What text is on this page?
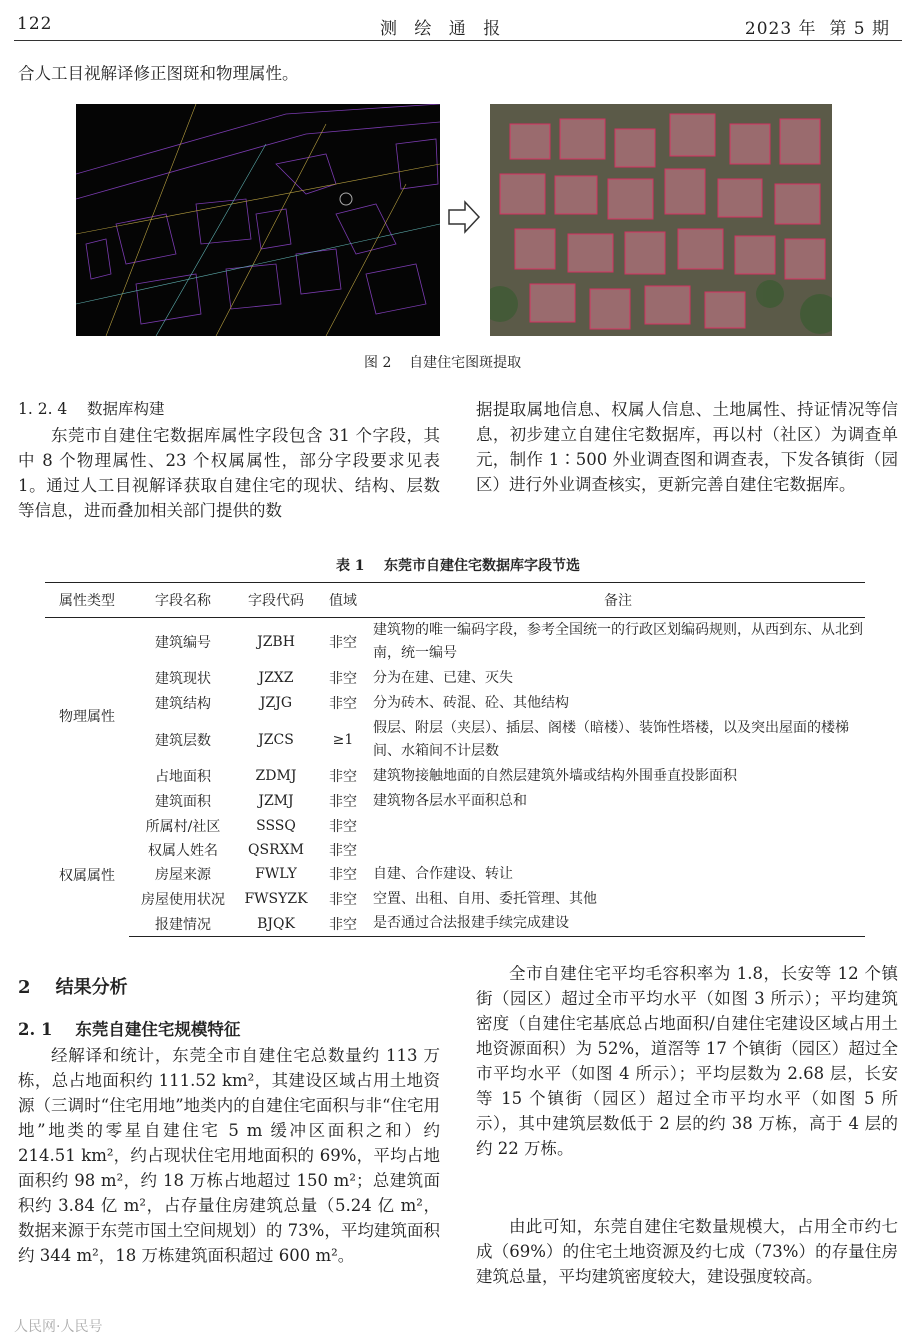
122	测 绘 通 报	2023 年  第 5 期
合人工目视解译修正图斑和物理属性。
图 2    自建住宅图斑提取
1. 2. 4    数据库构建
东莞市自建住宅数据库属性字段包含 31 个字段，其中 8 个物理属性、23 个权属属性，部分字段要求见表 1。通过人工目视解译获取自建住宅的现状、结构、层数等信息，进而叠加相关部门提供的数
据提取属地信息、权属人信息、土地属性、持证情况等信息，初步建立自建住宅数据库，再以村（社区）为调查单元，制作 1∶500 外业调查图和调查表，下发各镇街（园区）进行外业调查核实，更新完善自建住宅数据库。
表 1    东莞市自建住宅数据库字段节选
属性类型	字段名称	字段代码	值域	备注
物理属性	建筑编号	JZBH	非空	建筑物的唯一编码字段，参考全国统一的行政区划编码规则，从西到东、从北到南，统一编号
	建筑现状	JZXZ	非空	分为在建、已建、灭失
	建筑结构	JZJG	非空	分为砖木、砖混、砼、其他结构
	建筑层数	JZCS	≥1	假层、附层（夹层）、插层、阁楼（暗楼）、装饰性塔楼，以及突出屋面的楼梯间、水箱间不计层数
	占地面积	ZDMJ	非空	建筑物接触地面的自然层建筑外墙或结构外围垂直投影面积
	建筑面积	JZMJ	非空	建筑物各层水平面积总和
权属属性	所属村/社区	SSSQ	非空	
	权属人姓名	QSRXM	非空	
	房屋来源	FWLY	非空	自建、合作建设、转让
	房屋使用状况	FWSYZK	非空	空置、出租、自用、委托管理、其他
	报建情况	BJQK	非空	是否通过合法报建手续完成建设
2    结果分析
2. 1    东莞自建住宅规模特征
经解译和统计，东莞全市自建住宅总数量约 113 万栋，总占地面积约 111.52 km²，其建设区域占用土地资源（三调时“住宅用地”地类内的自建住宅面积与非“住宅用地”地类的零星自建住宅 5 m 缓冲区面积之和）约 214.51 km²，约占现状住宅用地面积的 69%，平均占地面积约 98 m²，约 18 万栋占地超过 150 m²；总建筑面积约 3.84 亿 m²，占存量住房建筑总量（5.24 亿 m²，数据来源于东莞市国土空间规划）的 73%，平均建筑面积约 344 m²，18 万栋建筑面积超过 600 m²。
全市自建住宅平均毛容积率为 1.8，长安等 12 个镇街（园区）超过全市平均水平（如图 3 所示）；平均建筑密度（自建住宅基底总占地面积/自建住宅建设区域占用土地资源面积）为 52%，道滘等 17 个镇街（园区）超过全市平均水平（如图 4 所示）；平均层数为 2.68 层，长安等 15 个镇街（园区）超过全市平均水平（如图 5 所示），其中建筑层数低于 2 层的约 38 万栋，高于 4 层的约 22 万栋。
由此可知，东莞自建住宅数量规模大，占用全市约七成（69%）的住宅土地资源及约七成（73%）的存量住房建筑总量，平均建筑密度较大，建设强度较高。
人民网·人民号
